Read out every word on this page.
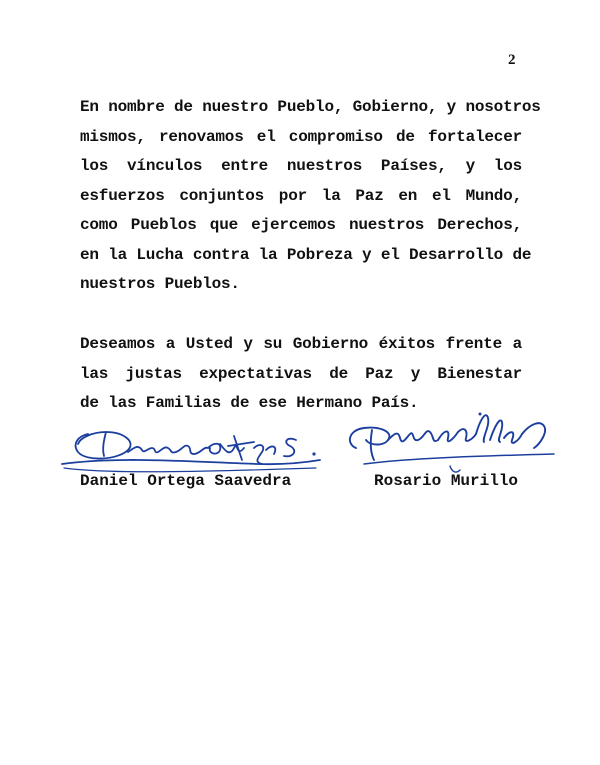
2
En nombre de nuestro Pueblo, Gobierno, y nosotros
mismos, renovamos el compromiso de fortalecer
los vínculos entre nuestros Países, y los
esfuerzos conjuntos por la Paz en el Mundo,
como Pueblos que ejercemos nuestros Derechos,
en la Lucha contra la Pobreza y el Desarrollo de
nuestros Pueblos.
Deseamos a Usted y su Gobierno éxitos frente a
las justas expectativas de Paz y Bienestar
de las Familias de ese Hermano País.
Daniel Ortega Saavedra	Rosario Murillo
